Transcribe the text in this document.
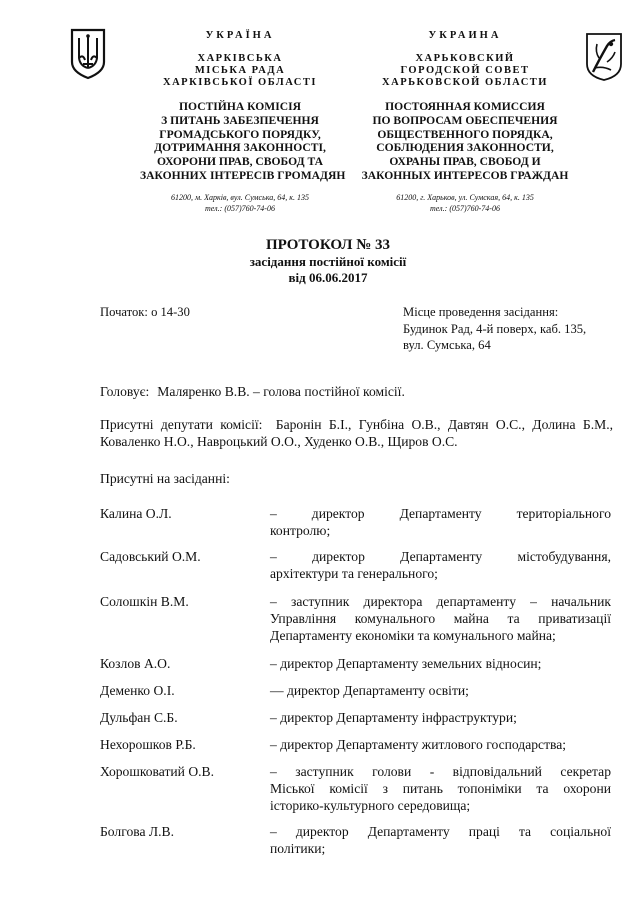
УКРАЇНА
ХАРКІВСЬКА
МІСЬКА РАДА
ХАРКІВСЬКОЇ ОБЛАСТІ
ПОСТІЙНА КОМІСІЯ
З ПИТАНЬ ЗАБЕЗПЕЧЕННЯ
ГРОМАДСЬКОГО ПОРЯДКУ,
ДОТРИМАННЯ ЗАКОННОСТІ,
ОХОРОНИ ПРАВ, СВОБОД ТА
ЗАКОННИХ ІНТЕРЕСІВ ГРОМАДЯН
61200, м. Харків, вул. Сумська, 64, к. 135
тел.: (057)760-74-06
УКРАИНА
ХАРЬКОВСКИЙ
ГОРОДСКОЙ СОВЕТ
ХАРЬКОВСКОЙ ОБЛАСТИ
ПОСТОЯННАЯ КОМИССИЯ
ПО ВОПРОСАМ ОБЕСПЕЧЕНИЯ
ОБЩЕСТВЕННОГО ПОРЯДКА,
СОБЛЮДЕНИЯ ЗАКОННОСТИ,
ОХРАНЫ ПРАВ, СВОБОД И
ЗАКОННЫХ ИНТЕРЕСОВ ГРАЖДАН
61200, г. Харьков, ул. Сумская, 64, к. 135
тел.: (057)760-74-06
ПРОТОКОЛ № 33
засідання постійної комісії
від 06.06.2017
Початок: о 14-30	Місце проведення засідання:
Будинок Рад, 4-й поверх, каб. 135,
вул. Сумська, 64
Головує: Маляренко В.В. – голова постійної комісії.
Присутні депутати комісії: Баронін Б.І., Гунбіна О.В., Давтян О.С., Долина Б.М., Коваленко Н.О., Навроцький О.О., Худенко О.В., Щиров О.С.
Присутні на засіданні:
Калина О.Л.	– директор Департаменту територіального
контролю;
Садовський О.М.	– директор Департаменту містобудування,
архітектури та генерального;
Солошкін В.М.	– заступник директора департаменту – начальник
Управління комунального майна та приватизації
Департаменту економіки та комунального майна;
Козлов А.О.	– директор Департаменту земельних відносин;
Деменко О.І.	— директор Департаменту освіти;
Дульфан С.Б.	– директор Департаменту інфраструктури;
Нехорошков Р.Б.	– директор Департаменту житлового господарства;
Хорошковатий О.В.	– заступник голови - відповідальний секретар
Міської комісії з питань топоніміки та охорони
історико-культурного середовища;
Болгова Л.В.	– директор Департаменту праці та соціальної
політики;
